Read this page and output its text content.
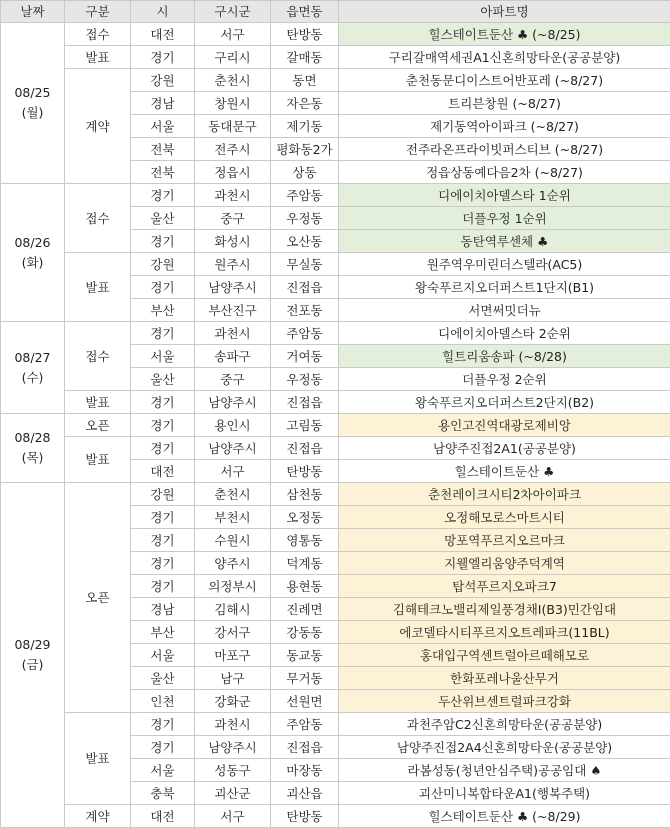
날짜	구분	시	구시군	읍면동	아파트명

08/25
(월)	접수	대전	서구	탄방동	힐스테이트둔산 ♣ (~8/25)
	발표	경기	구리시	갈매동	구리갈매역세권A1신혼희망타운(공공분양)
	계약	강원	춘천시	동면	춘천동문디이스트어반포레 (~8/27)
		경남	창원시	자은동	트리븐창원 (~8/27)
		서울	동대문구	제기동	제기동역아이파크 (~8/27)
		전북	전주시	평화동2가	전주라온프라이빗퍼스티브 (~8/27)
		전북	정읍시	상동	정읍상동예다음2차 (~8/27)

08/26
(화)	접수	경기	과천시	주암동	디에이치아델스타 1순위
		울산	중구	우정동	더플우정 1순위
		경기	화성시	오산동	동탄역루센체 ♣
	발표	강원	원주시	무실동	원주역우미린더스텔라(AC5)
		경기	남양주시	진접읍	왕숙푸르지오더퍼스트1단지(B1)
		부산	부산진구	전포동	서면써밋더뉴

08/27
(수)	접수	경기	과천시	주암동	디에이치아델스타 2순위
		서울	송파구	거여동	힐트리움송파 (~8/28)
		울산	중구	우정동	더플우정 2순위
	발표	경기	남양주시	진접읍	왕숙푸르지오더퍼스트2단지(B2)

08/28
(목)	오픈	경기	용인시	고림동	용인고진역대광로제비앙
	발표	경기	남양주시	진접읍	남양주진접2A1(공공분양)
		대전	서구	탄방동	힐스테이트둔산 ♣

08/29
(금)	오픈	강원	춘천시	삼천동	춘천레이크시티2차아이파크
		경기	부천시	오정동	오정해모로스마트시티
		경기	수원시	영통동	망포역푸르지오르마크
		경기	양주시	덕계동	지웰엘리움양주덕계역
		경기	의정부시	용현동	탑석푸르지오파크7
		경남	김해시	진례면	김해테크노밸리제일풍경채Ⅰ(B3)민간임대
		부산	강서구	강동동	에코델타시티푸르지오트레파크(11BL)
		서울	마포구	동교동	홍대입구역센트럴아르떼해모로
		울산	남구	무거동	한화포레나울산무거
		인천	강화군	선원면	두산위브센트럴파크강화
	발표	경기	과천시	주암동	과천주암C2신혼희망타운(공공분양)
		경기	남양주시	진접읍	남양주진접2A4신혼희망타운(공공분양)
		서울	성동구	마장동	라봄성동(청년안심주택)공공임대 ♠
		충북	괴산군	괴산읍	괴산미니복합타운A1(행복주택)
	계약	대전	서구	탄방동	힐스테이트둔산 ♣ (~8/29)
